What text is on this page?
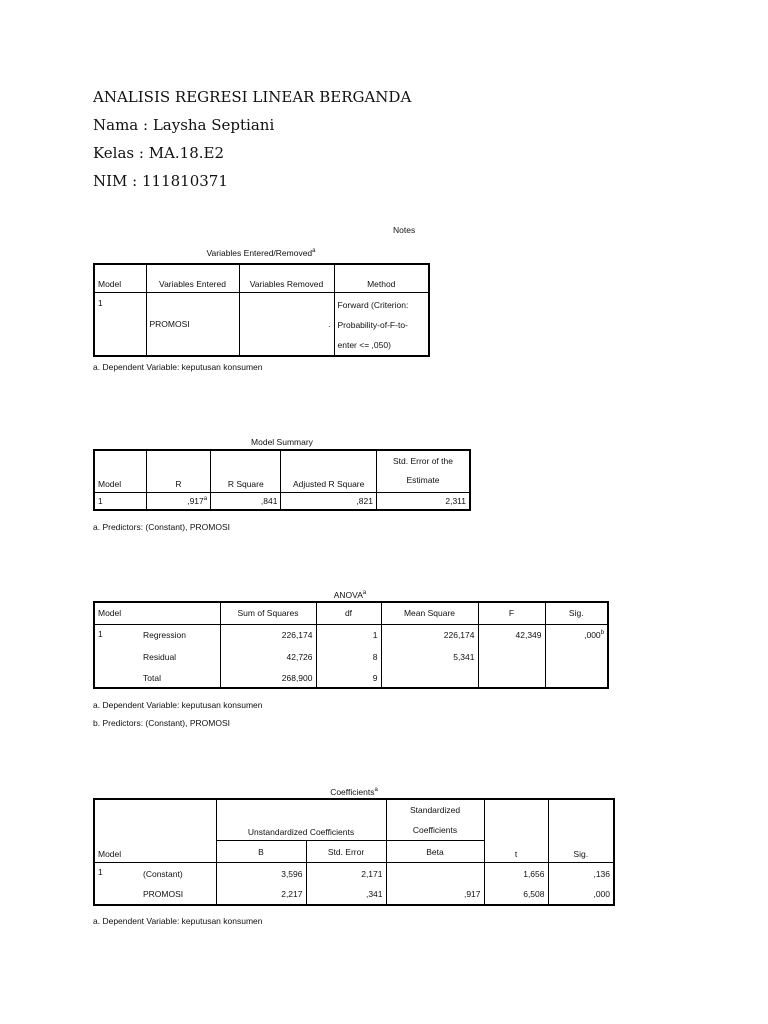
ANALISIS REGRESI LINEAR BERGANDA
Nama : Laysha Septiani
Kelas : MA.18.E2
NIM : 111810371
Notes
Variables Entered/Removed$^a$
Model	Variables Entered	Variables Removed	Method
1	PROMOSI	.	Forward (Criterion:
Probability-of-F-to-
enter <= ,050)
a. Dependent Variable: keputusan konsumen
Model Summary
Model	R	R Square	Adjusted R Square	Std. Error of the
Estimate

1	,917$^a$	,841	,821	2,311
a. Predictors: (Constant), PROMOSI
ANOVA$^a$
Model		Sum of Squares	df	Mean Square	F	Sig.
1	Regression	226,174	1	226,174	42,349	,000$^b$
	Residual	42,726	8	5,341		
	Total	268,900	9			
a. Dependent Variable: keputusan konsumen
b. Predictors: (Constant), PROMOSI
Coefficients$^a$
Model		Unstandardized Coefficients		Standardized
Coefficients	t	Sig.
		B	Std. Error	Beta		
1	(Constant)	3,596	2,171		1,656	,136
	PROMOSI	2,217	,341	,917	6,508	,000
a. Dependent Variable: keputusan konsumen
